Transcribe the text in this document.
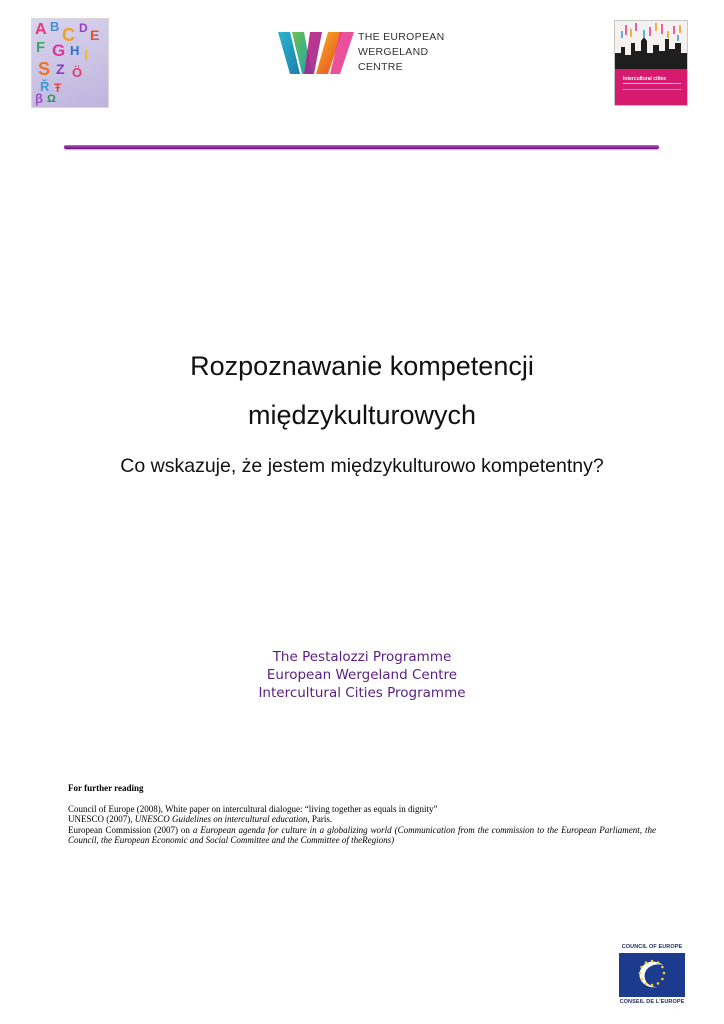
A B C D E
F G H I
S Z Ö
Ř Ŧ
β Ω
THE EUROPEAN
WERGELAND
CENTRE
Intercultural cities
Rozpoznawanie kompetencji
międzykulturowych
Co wskazuje, że jestem międzykulturowo kompetentny?
The Pestalozzi Programme
European Wergeland Centre
Intercultural Cities Programme
For further reading
Council of Europe (2008), White paper on intercultural dialogue: “living together as equals in dignity”
UNESCO (2007), UNESCO Guidelines on intercultural education, Paris.
European Commission (2007) on a European agenda for culture in a globalizing world (Communication from the commission to the European Parliament, the Council, the European Economic and Social Committee and the Committee of theRegions)
COUNCIL OF EUROPE
CONSEIL DE L'EUROPE
